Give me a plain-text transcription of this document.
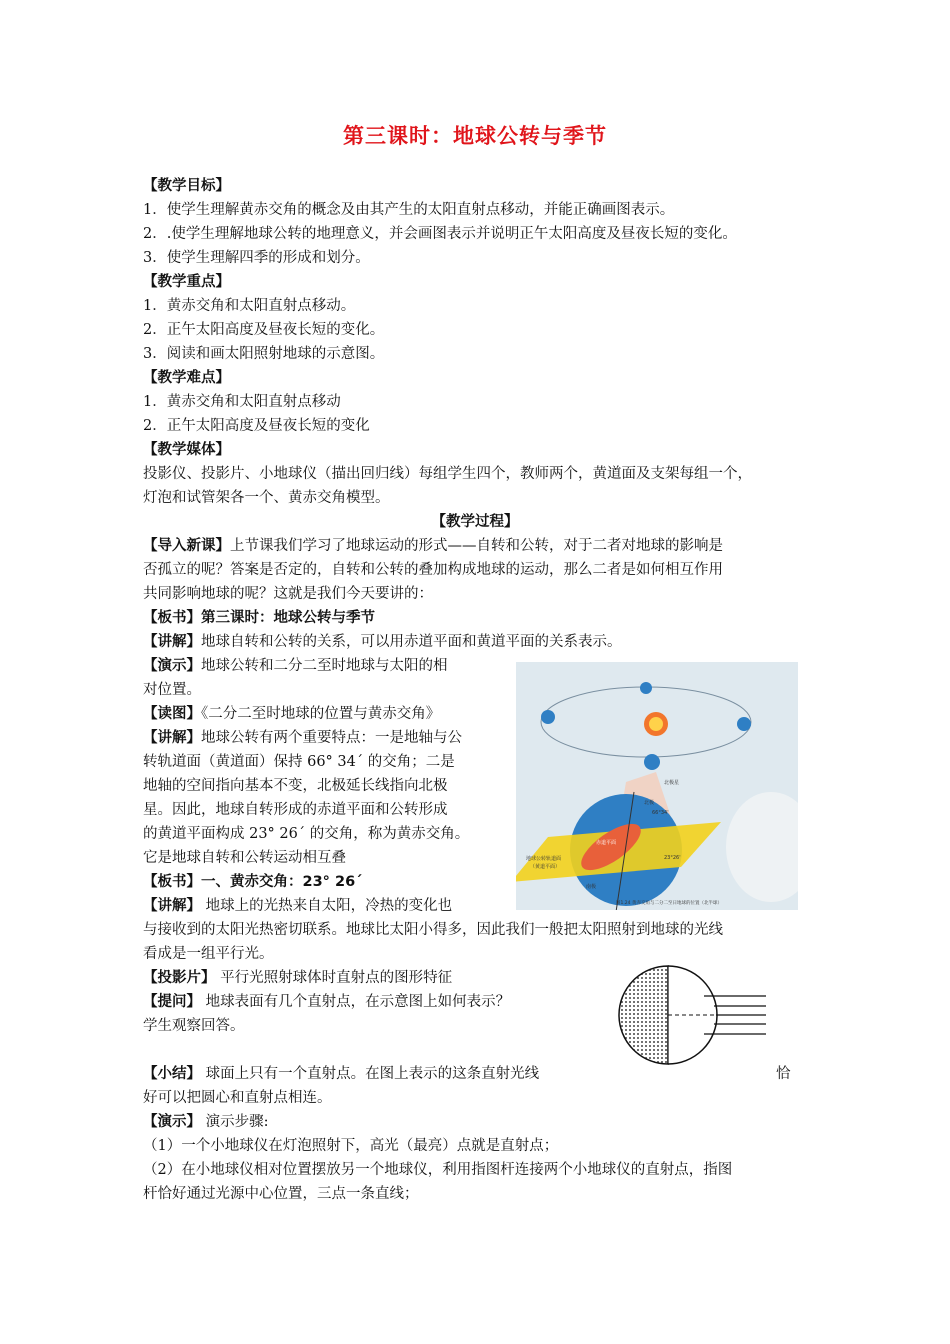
第三课时：地球公转与季节
【教学目标】
1．使学生理解黄赤交角的概念及由其产生的太阳直射点移动，并能正确画图表示。
2．.使学生理解地球公转的地理意义，并会画图表示并说明正午太阳高度及昼夜长短的变化。
3．使学生理解四季的形成和划分。
【教学重点】
1．黄赤交角和太阳直射点移动。
2．正午太阳高度及昼夜长短的变化。
3．阅读和画太阳照射地球的示意图。
【教学难点】
1．黄赤交角和太阳直射点移动
2．正午太阳高度及昼夜长短的变化
【教学媒体】
投影仪、投影片、小地球仪（描出回归线）每组学生四个，教师两个，黄道面及支架每组一个，
灯泡和试管架各一个、黄赤交角模型。
【教学过程】
【导入新课】上节课我们学习了地球运动的形式——自转和公转，对于二者对地球的影响是
否孤立的呢？答案是否定的，自转和公转的叠加构成地球的运动，那么二者是如何相互作用
共同影响地球的呢？这就是我们今天要讲的：
【板书】第三课时：地球公转与季节
【讲解】地球自转和公转的关系，可以用赤道平面和黄道平面的关系表示。
【演示】地球公转和二分二至时地球与太阳的相
对位置。
【读图】《二分二至时地球的位置与黄赤交角》
【讲解】地球公转有两个重要特点：一是地轴与公
转轨道面（黄道面）保持 66° 34´ 的交角；二是
地轴的空间指向基本不变，北极延长线指向北极
星。因此，地球自转形成的赤道平面和公转形成
的黄道平面构成 23° 26´ 的交角，称为黄赤交角。
它是地球自转和公转运动相互叠
【板书】一、黄赤交角：23° 26´
【讲解】 地球上的光热来自太阳，冷热的变化也
与接收到的太阳光热密切联系。地球比太阳小得多，因此我们一般把太阳照射到地球的光线
看成是一组平行光。
【投影片】 平行光照射球体时直射点的图形特征
【提问】 地球表面有几个直射点，在示意图上如何表示？
学生观察回答。
【小结】 球面上只有一个直射点。在图上表示的这条直射光线	恰
好可以把圆心和直射点相连。
【演示】 演示步骤:
（1）一个小地球仪在灯泡照射下，高光（最亮）点就是直射点；
（2）在小地球仪相对位置摆放另一个地球仪，利用指图杆连接两个小地球仪的直射点，指图
杆恰好通过光源中心位置，三点一条直线；
北极星
北极
66°34'
23°26'
赤道平面
地球公转轨道面
（黄道平面）
南极
图1.24 黄赤交角与二分二至日地球的位置（北半球）
